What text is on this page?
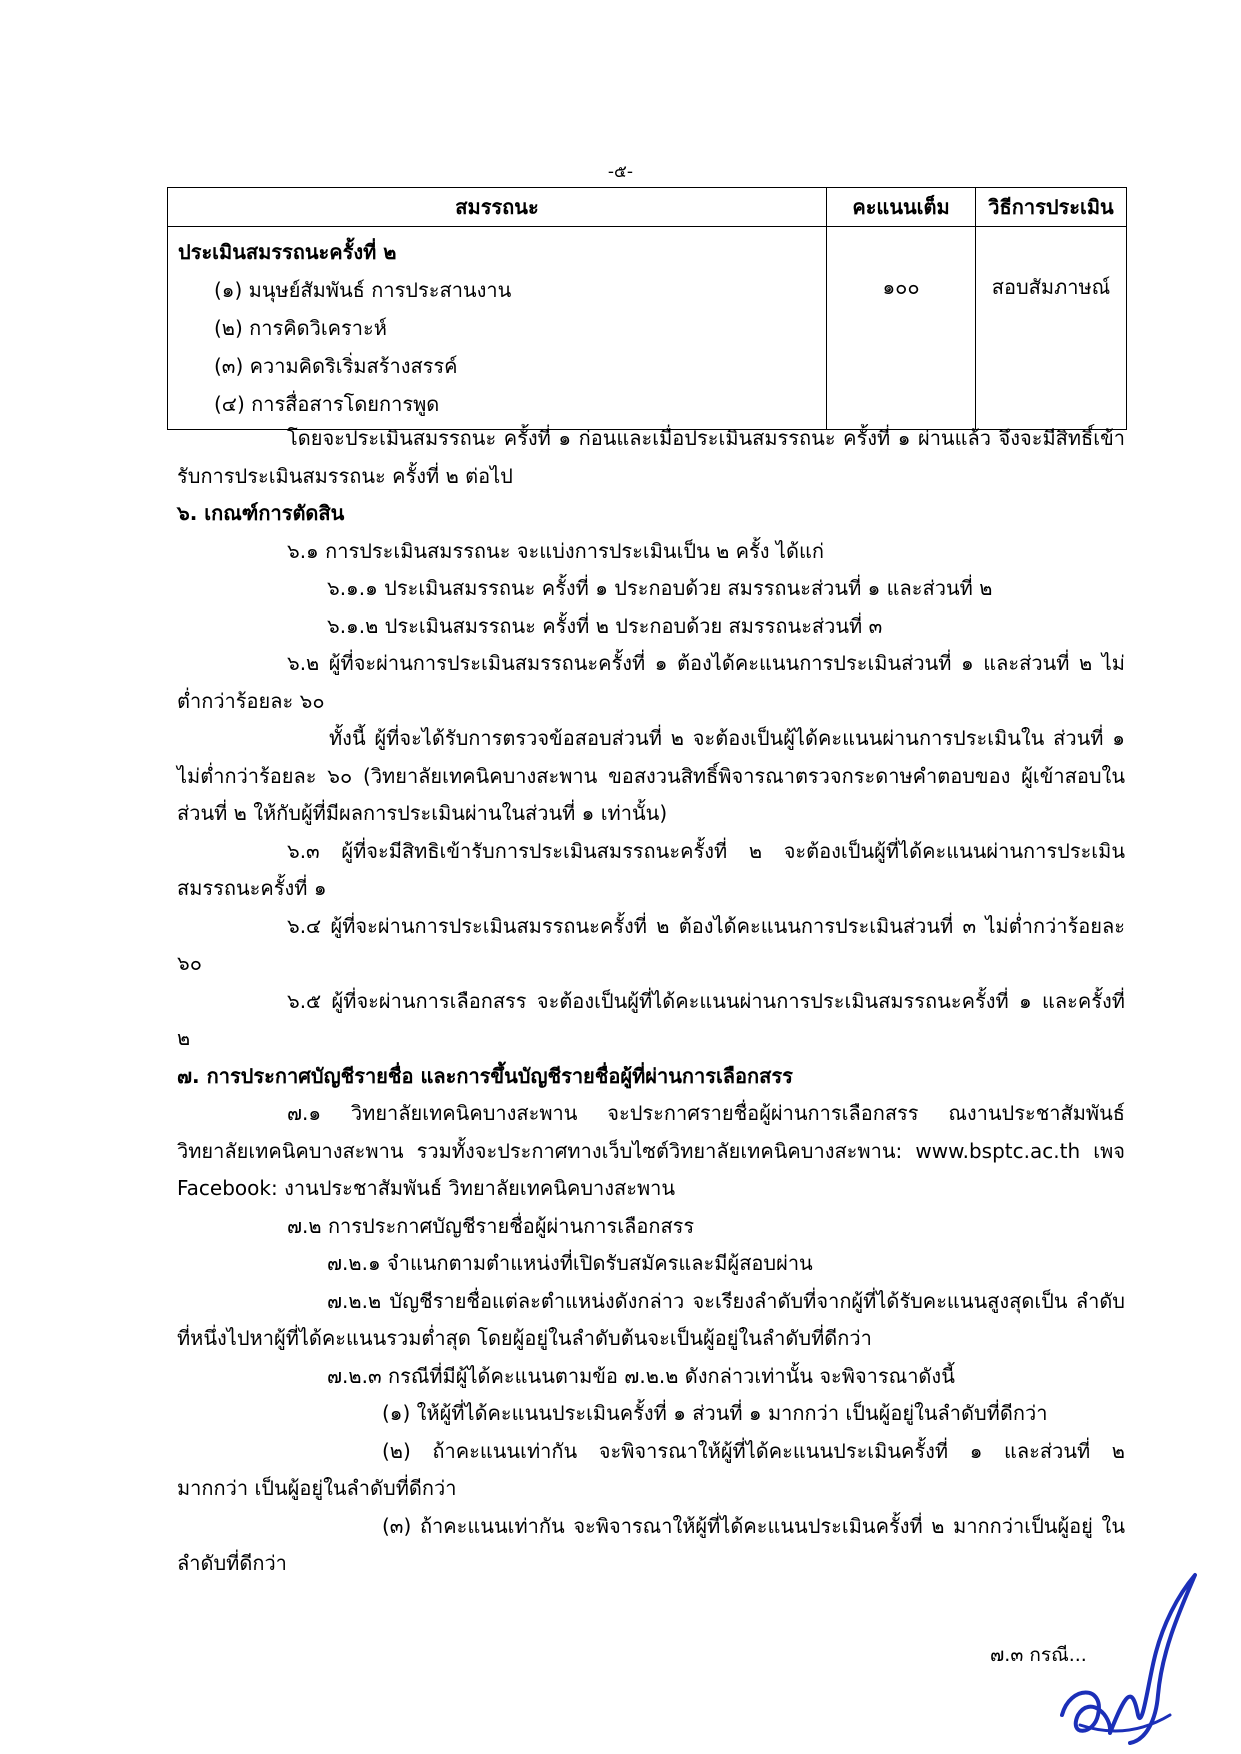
-๕-
สมรรถนะ	คะแนนเต็ม	วิธีการประเมิน

ประเมินสมรรถนะครั้งที่ ๒
(๑) มนุษย์สัมพันธ์ การประสานงาน
(๒) การคิดวิเคราะห์
(๓) ความคิดริเริ่มสร้างสรรค์
(๔) การสื่อสารโดยการพูด	๑๐๐	สอบสัมภาษณ์

โดยจะประเมินสมรรถนะ ครั้งที่ ๑ ก่อนและเมื่อประเมินสมรรถนะ ครั้งที่ ๑ ผ่านแล้ว จึงจะมีสิทธิ์เข้ารับการประเมินสมรรถนะ ครั้งที่ ๒ ต่อไป

๖. เกณฑ์การตัดสิน

๖.๑ การประเมินสมรรถนะ จะแบ่งการประเมินเป็น ๒ ครั้ง ได้แก่

๖.๑.๑ ประเมินสมรรถนะ ครั้งที่ ๑ ประกอบด้วย สมรรถนะส่วนที่ ๑ และส่วนที่ ๒

๖.๑.๒ ประเมินสมรรถนะ ครั้งที่ ๒ ประกอบด้วย สมรรถนะส่วนที่ ๓

๖.๒ ผู้ที่จะผ่านการประเมินสมรรถนะครั้งที่ ๑ ต้องได้คะแนนการประเมินส่วนที่ ๑ และส่วนที่ ๒ ไม่ต่ำกว่าร้อยละ ๖๐

ทั้งนี้ ผู้ที่จะได้รับการตรวจข้อสอบส่วนที่ ๒ จะต้องเป็นผู้ได้คะแนนผ่านการประเมินใน ส่วนที่ ๑ ไม่ต่ำกว่าร้อยละ ๖๐ (วิทยาลัยเทคนิคบางสะพาน ขอสงวนสิทธิ์พิจารณาตรวจกระดาษคำตอบของ ผู้เข้าสอบใน ส่วนที่ ๒ ให้กับผู้ที่มีผลการประเมินผ่านในส่วนที่ ๑ เท่านั้น)

๖.๓ ผู้ที่จะมีสิทธิเข้ารับการประเมินสมรรถนะครั้งที่ ๒ จะต้องเป็นผู้ที่ได้คะแนนผ่านการประเมิน สมรรถนะครั้งที่ ๑

๖.๔ ผู้ที่จะผ่านการประเมินสมรรถนะครั้งที่ ๒ ต้องได้คะแนนการประเมินส่วนที่ ๓ ไม่ต่ำกว่าร้อยละ ๖๐

๖.๕ ผู้ที่จะผ่านการเลือกสรร จะต้องเป็นผู้ที่ได้คะแนนผ่านการประเมินสมรรถนะครั้งที่ ๑ และครั้งที่ ๒

๗. การประกาศบัญชีรายชื่อ และการขึ้นบัญชีรายชื่อผู้ที่ผ่านการเลือกสรร

๗.๑ วิทยาลัยเทคนิคบางสะพาน จะประกาศรายชื่อผู้ผ่านการเลือกสรร ณงานประชาสัมพันธ์ วิทยาลัยเทคนิคบางสะพาน รวมทั้งจะประกาศทางเว็บไซต์วิทยาลัยเทคนิคบางสะพาน: www.bsptc.ac.th เพจ Facebook: งานประชาสัมพันธ์ วิทยาลัยเทคนิคบางสะพาน

๗.๒ การประกาศบัญชีรายชื่อผู้ผ่านการเลือกสรร

๗.๒.๑ จำแนกตามตำแหน่งที่เปิดรับสมัครและมีผู้สอบผ่าน

๗.๒.๒ บัญชีรายชื่อแต่ละตำแหน่งดังกล่าว จะเรียงลำดับที่จากผู้ที่ได้รับคะแนนสูงสุดเป็น ลำดับที่หนึ่งไปหาผู้ที่ได้คะแนนรวมต่ำสุด โดยผู้อยู่ในลำดับต้นจะเป็นผู้อยู่ในลำดับที่ดีกว่า

๗.๒.๓ กรณีที่มีผู้ได้คะแนนตามข้อ ๗.๒.๒ ดังกล่าวเท่านั้น จะพิจารณาดังนี้

(๑) ให้ผู้ที่ได้คะแนนประเมินครั้งที่ ๑ ส่วนที่ ๑ มากกว่า เป็นผู้อยู่ในลำดับที่ดีกว่า

(๒) ถ้าคะแนนเท่ากัน จะพิจารณาให้ผู้ที่ได้คะแนนประเมินครั้งที่ ๑ และส่วนที่ ๒ มากกว่า เป็นผู้อยู่ในลำดับที่ดีกว่า

(๓) ถ้าคะแนนเท่ากัน จะพิจารณาให้ผู้ที่ได้คะแนนประเมินครั้งที่ ๒ มากกว่าเป็นผู้อยู่ ในลำดับที่ดีกว่า

๗.๓ กรณี...
